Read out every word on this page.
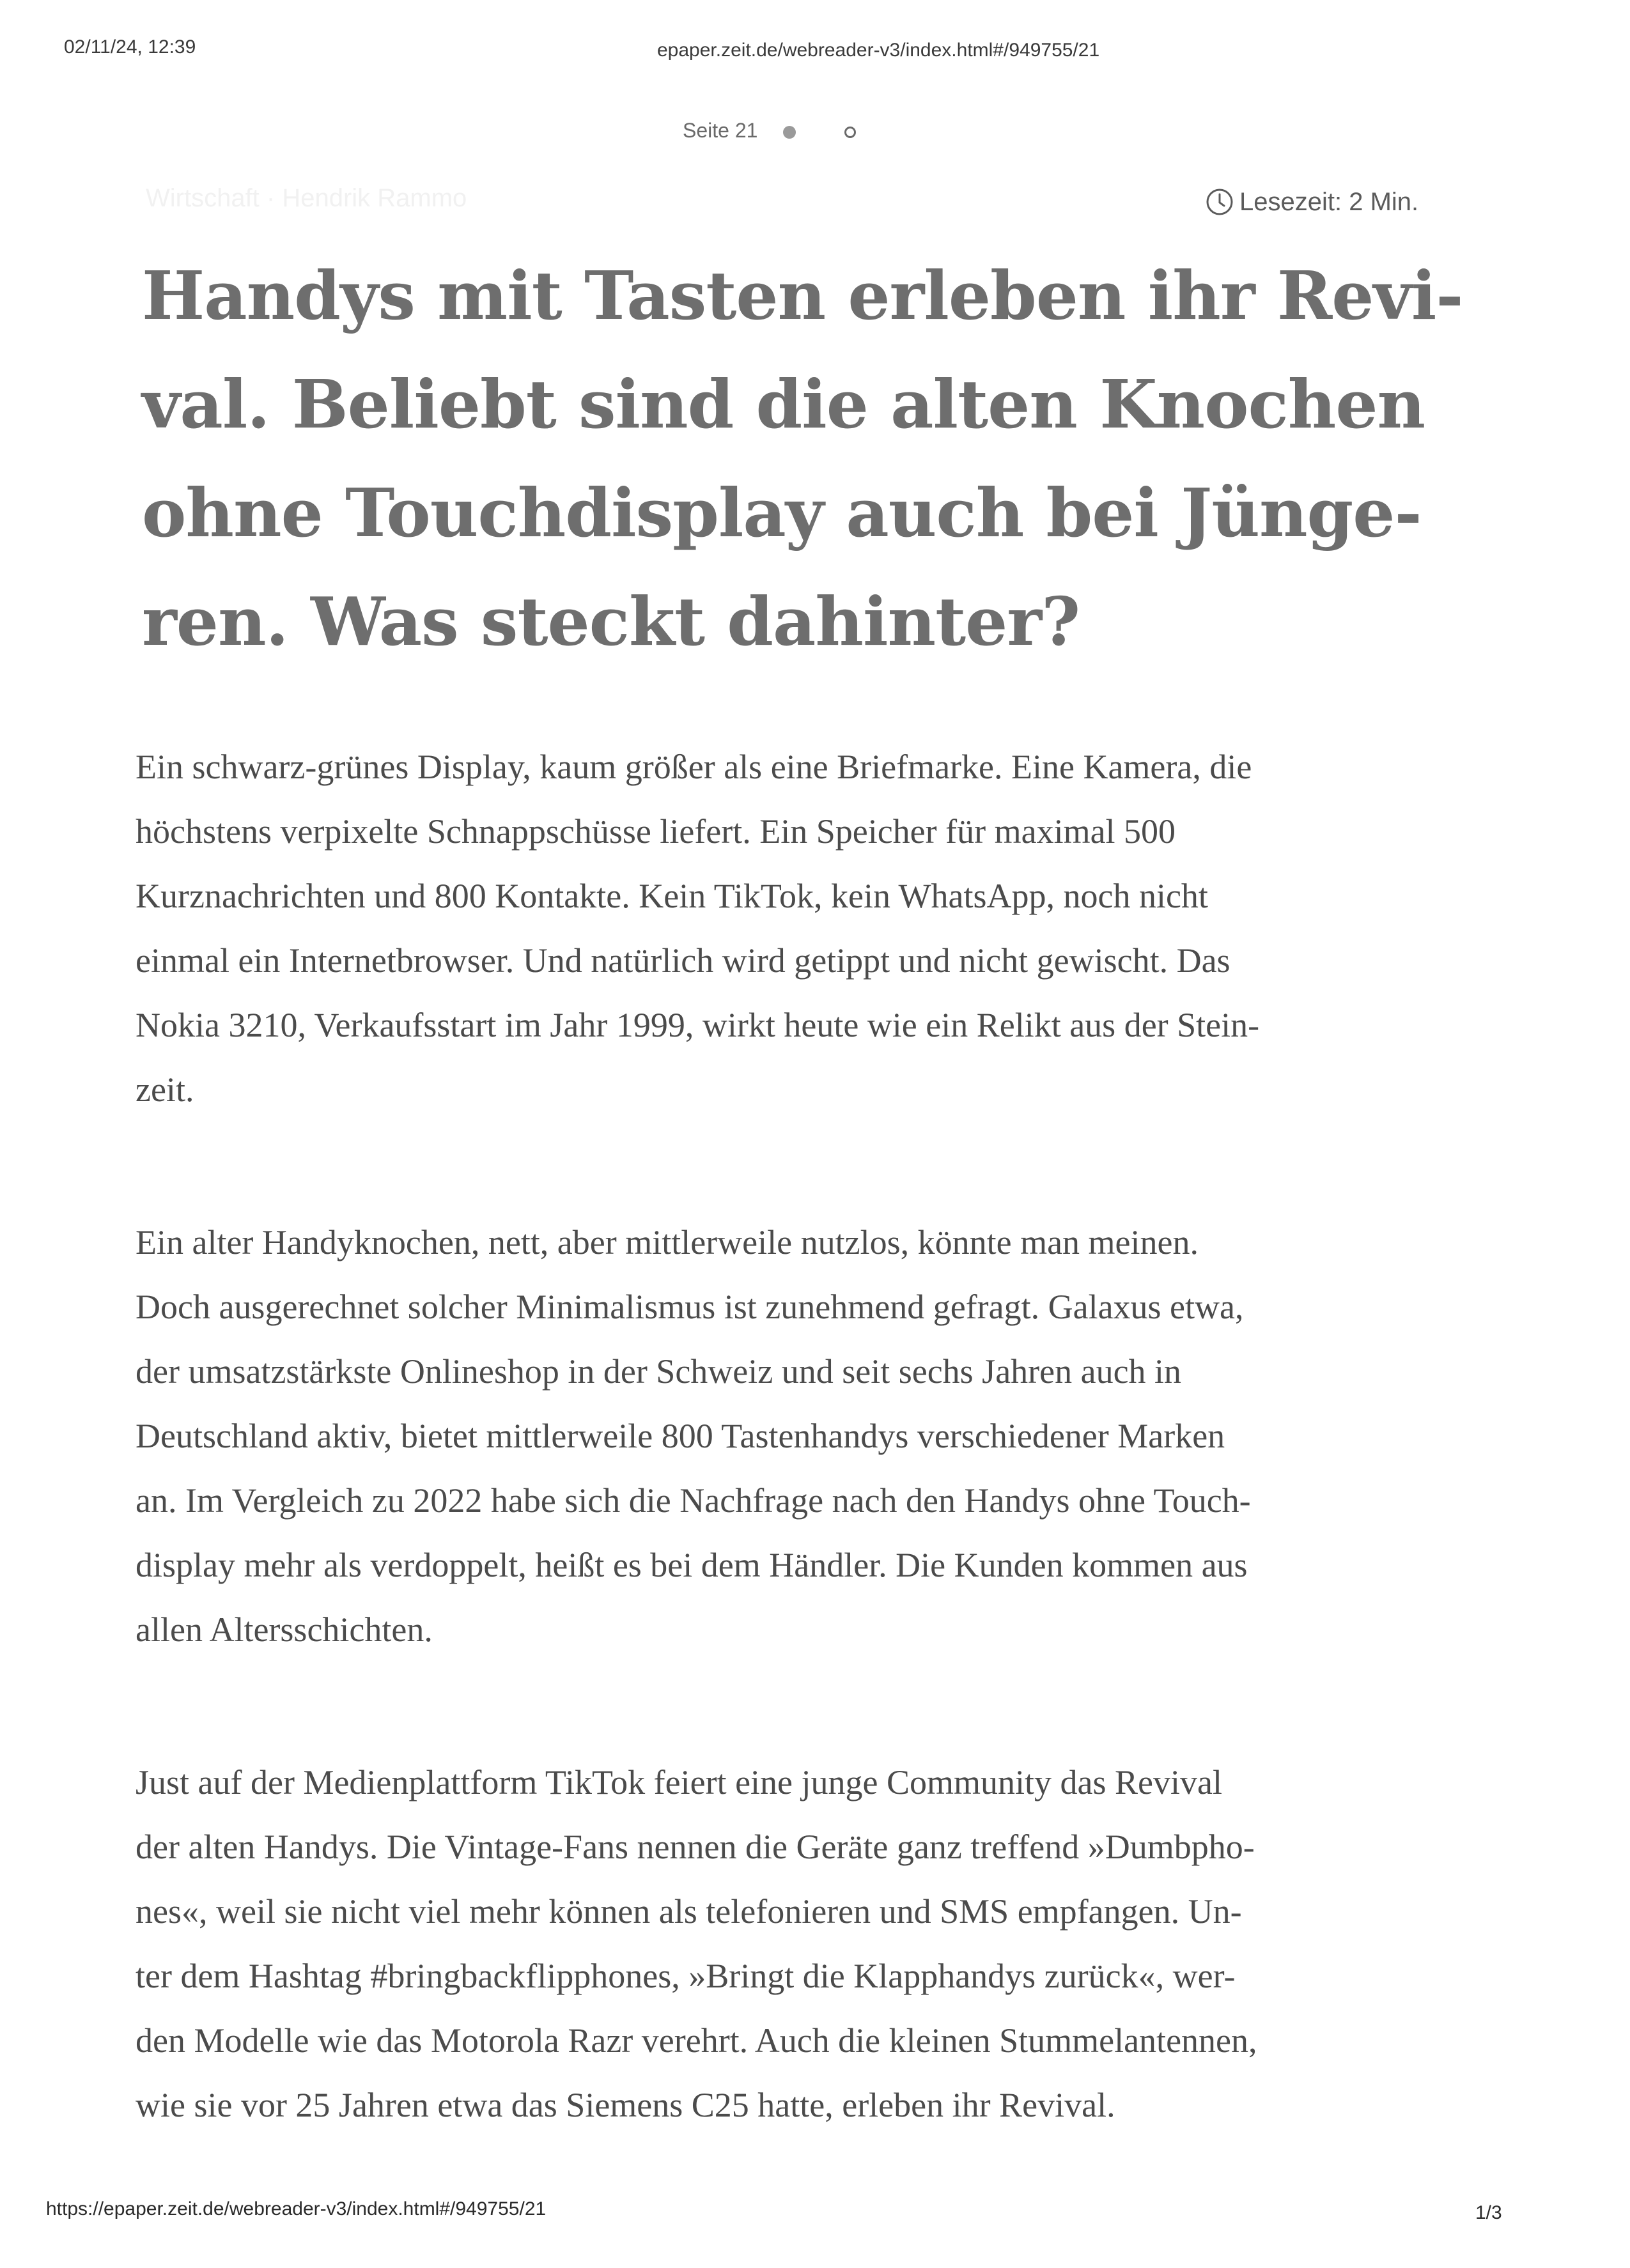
02/11/24, 12:39	epaper.zeit.de/webreader-v3/index.html#/949755/21
Seite 21
Wirtschaft · Hendrik Rammo	Lesezeit: 2 Min.
Handys mit Tasten erleben ihr Revi-
val. Beliebt sind die alten Knochen
ohne Touchdisplay auch bei Jünge-
ren. Was steckt dahinter?

Ein schwarz-grünes Display, kaum größer als eine Briefmarke. Eine Kamera, die
höchstens verpixelte Schnappschüsse liefert. Ein Speicher für maximal 500
Kurznachrichten und 800 Kontakte. Kein TikTok, kein WhatsApp, noch nicht
einmal ein Internetbrowser. Und natürlich wird getippt und nicht gewischt. Das
Nokia 3210, Verkaufsstart im Jahr 1999, wirkt heute wie ein Relikt aus der Stein-
zeit.

Ein alter Handyknochen, nett, aber mittlerweile nutzlos, könnte man meinen.
Doch ausgerechnet solcher Minimalismus ist zunehmend gefragt. Galaxus etwa,
der umsatzstärkste Onlineshop in der Schweiz und seit sechs Jahren auch in
Deutschland aktiv, bietet mittlerweile 800 Tastenhandys verschiedener Marken
an. Im Vergleich zu 2022 habe sich die Nachfrage nach den Handys ohne Touch-
display mehr als verdoppelt, heißt es bei dem Händler. Die Kunden kommen aus
allen Altersschichten.

Just auf der Medienplattform TikTok feiert eine junge Community das Revival
der alten Handys. Die Vintage-Fans nennen die Geräte ganz treffend »Dumbpho-
nes«, weil sie nicht viel mehr können als telefonieren und SMS empfangen. Un-
ter dem Hashtag #bringbackflipphones, »Bringt die Klapphandys zurück«, wer-
den Modelle wie das Motorola Razr verehrt. Auch die kleinen Stummelantennen,
wie sie vor 25 Jahren etwa das Siemens C25 hatte, erleben ihr Revival.

https://epaper.zeit.de/webreader-v3/index.html#/949755/21	1/3
